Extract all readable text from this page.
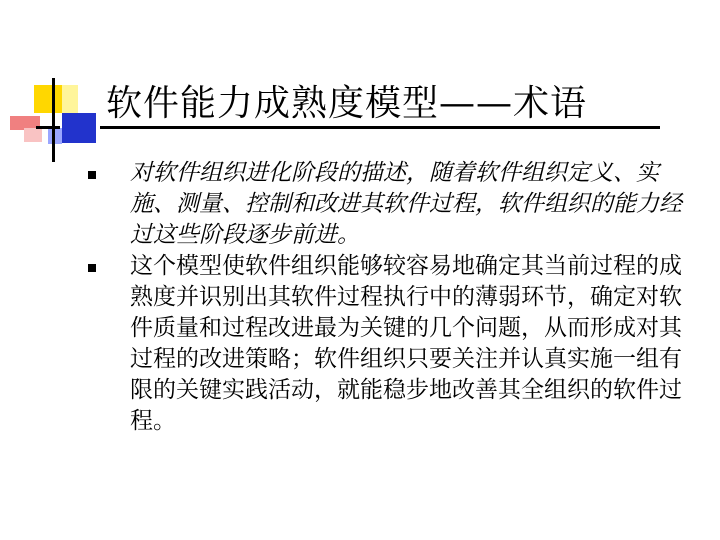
软件能力成熟度模型——术语
对软件组织进化阶段的描述，随着软件组织定义、实施、测量、控制和改进其软件过程，软件组织的能力经过这些阶段逐步前进。
这个模型使软件组织能够较容易地确定其当前过程的成熟度并识别出其软件过程执行中的薄弱环节，确定对软件质量和过程改进最为关键的几个问题，从而形成对其过程的改进策略；软件组织只要关注并认真实施一组有限的关键实践活动，就能稳步地改善其全组织的软件过程。
